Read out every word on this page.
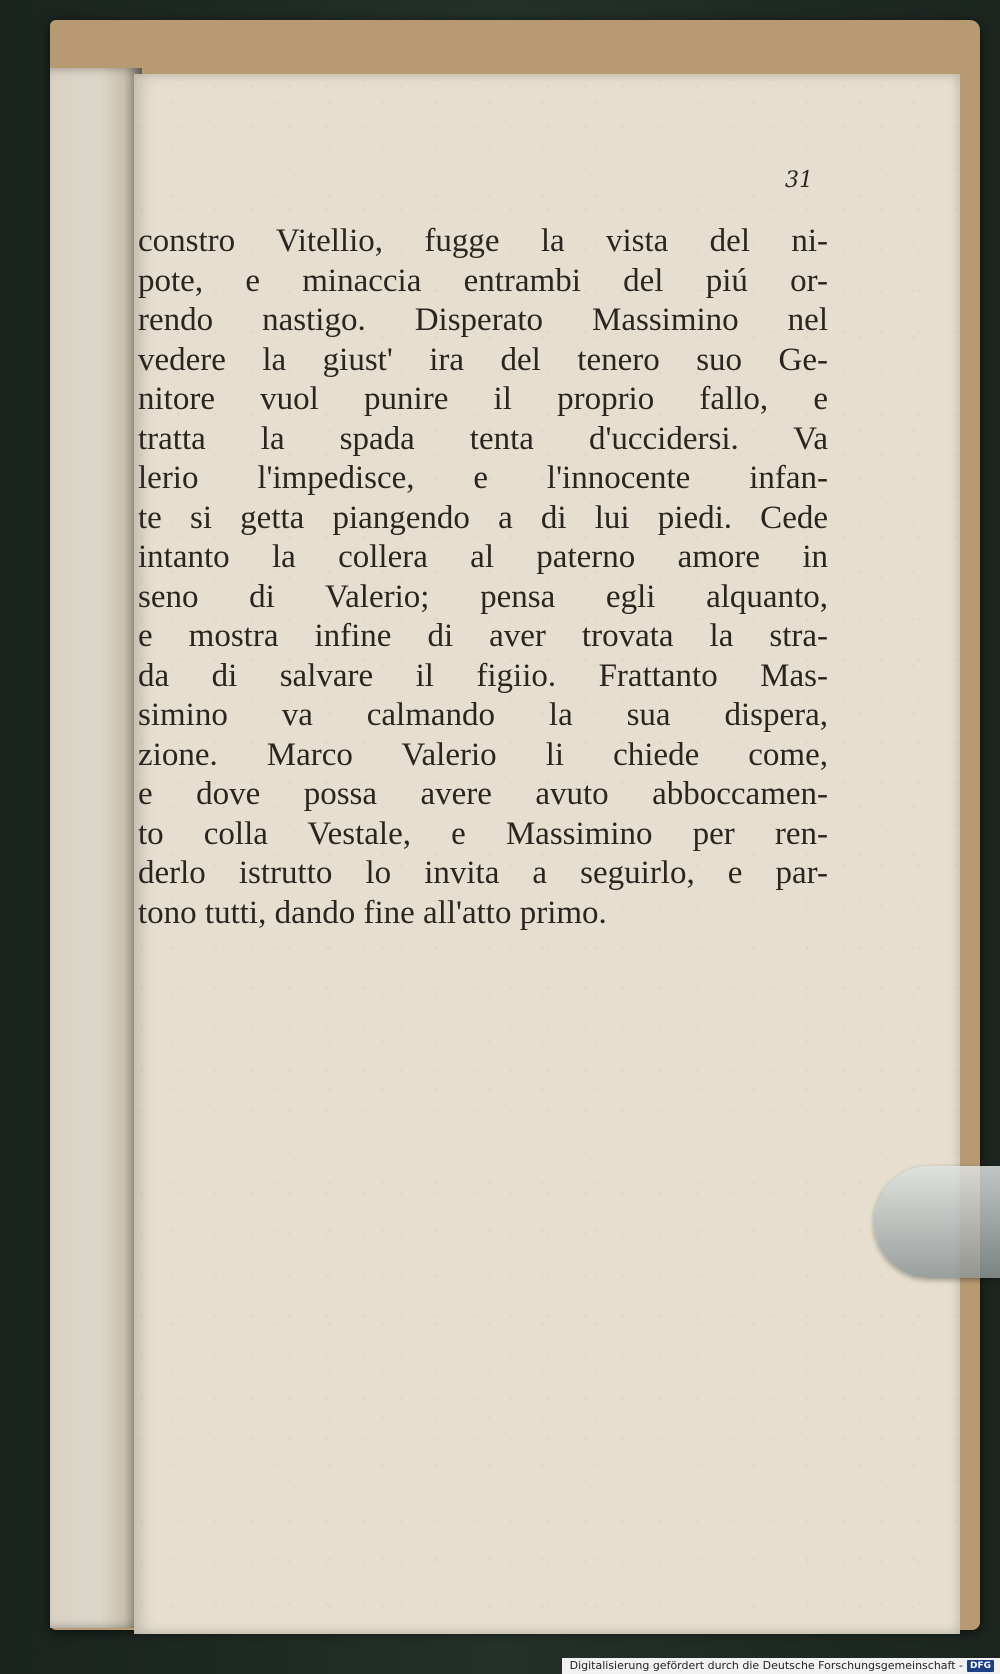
31
constro Vitellio, fugge la vista del ni-
pote, e minaccia entrambi del piú or-
rendo nastigo. Disperato Massimino nel
vedere la giust' ira del tenero suo Ge-
nitore vuol punire il proprio fallo, e
tratta la spada tenta d'uccidersi. Va
lerio l'impedisce, e l'innocente infan-
te si getta piangendo a di lui piedi. Cede
intanto la collera al paterno amore in
seno di Valerio; pensa egli alquanto,
e mostra infine di aver trovata la stra-
da di salvare il figiio. Frattanto Mas-
simino va calmando la sua dispera,
zione. Marco Valerio li chiede come,
e dove possa avere avuto abboccamen-
to colla Vestale, e Massimino per ren-
derlo istrutto lo invita a seguirlo, e par-
tono tutti, dando fine all'atto primo.
Digitalisierung gefördert durch die Deutsche Forschungsgemeinschaft - DFG
